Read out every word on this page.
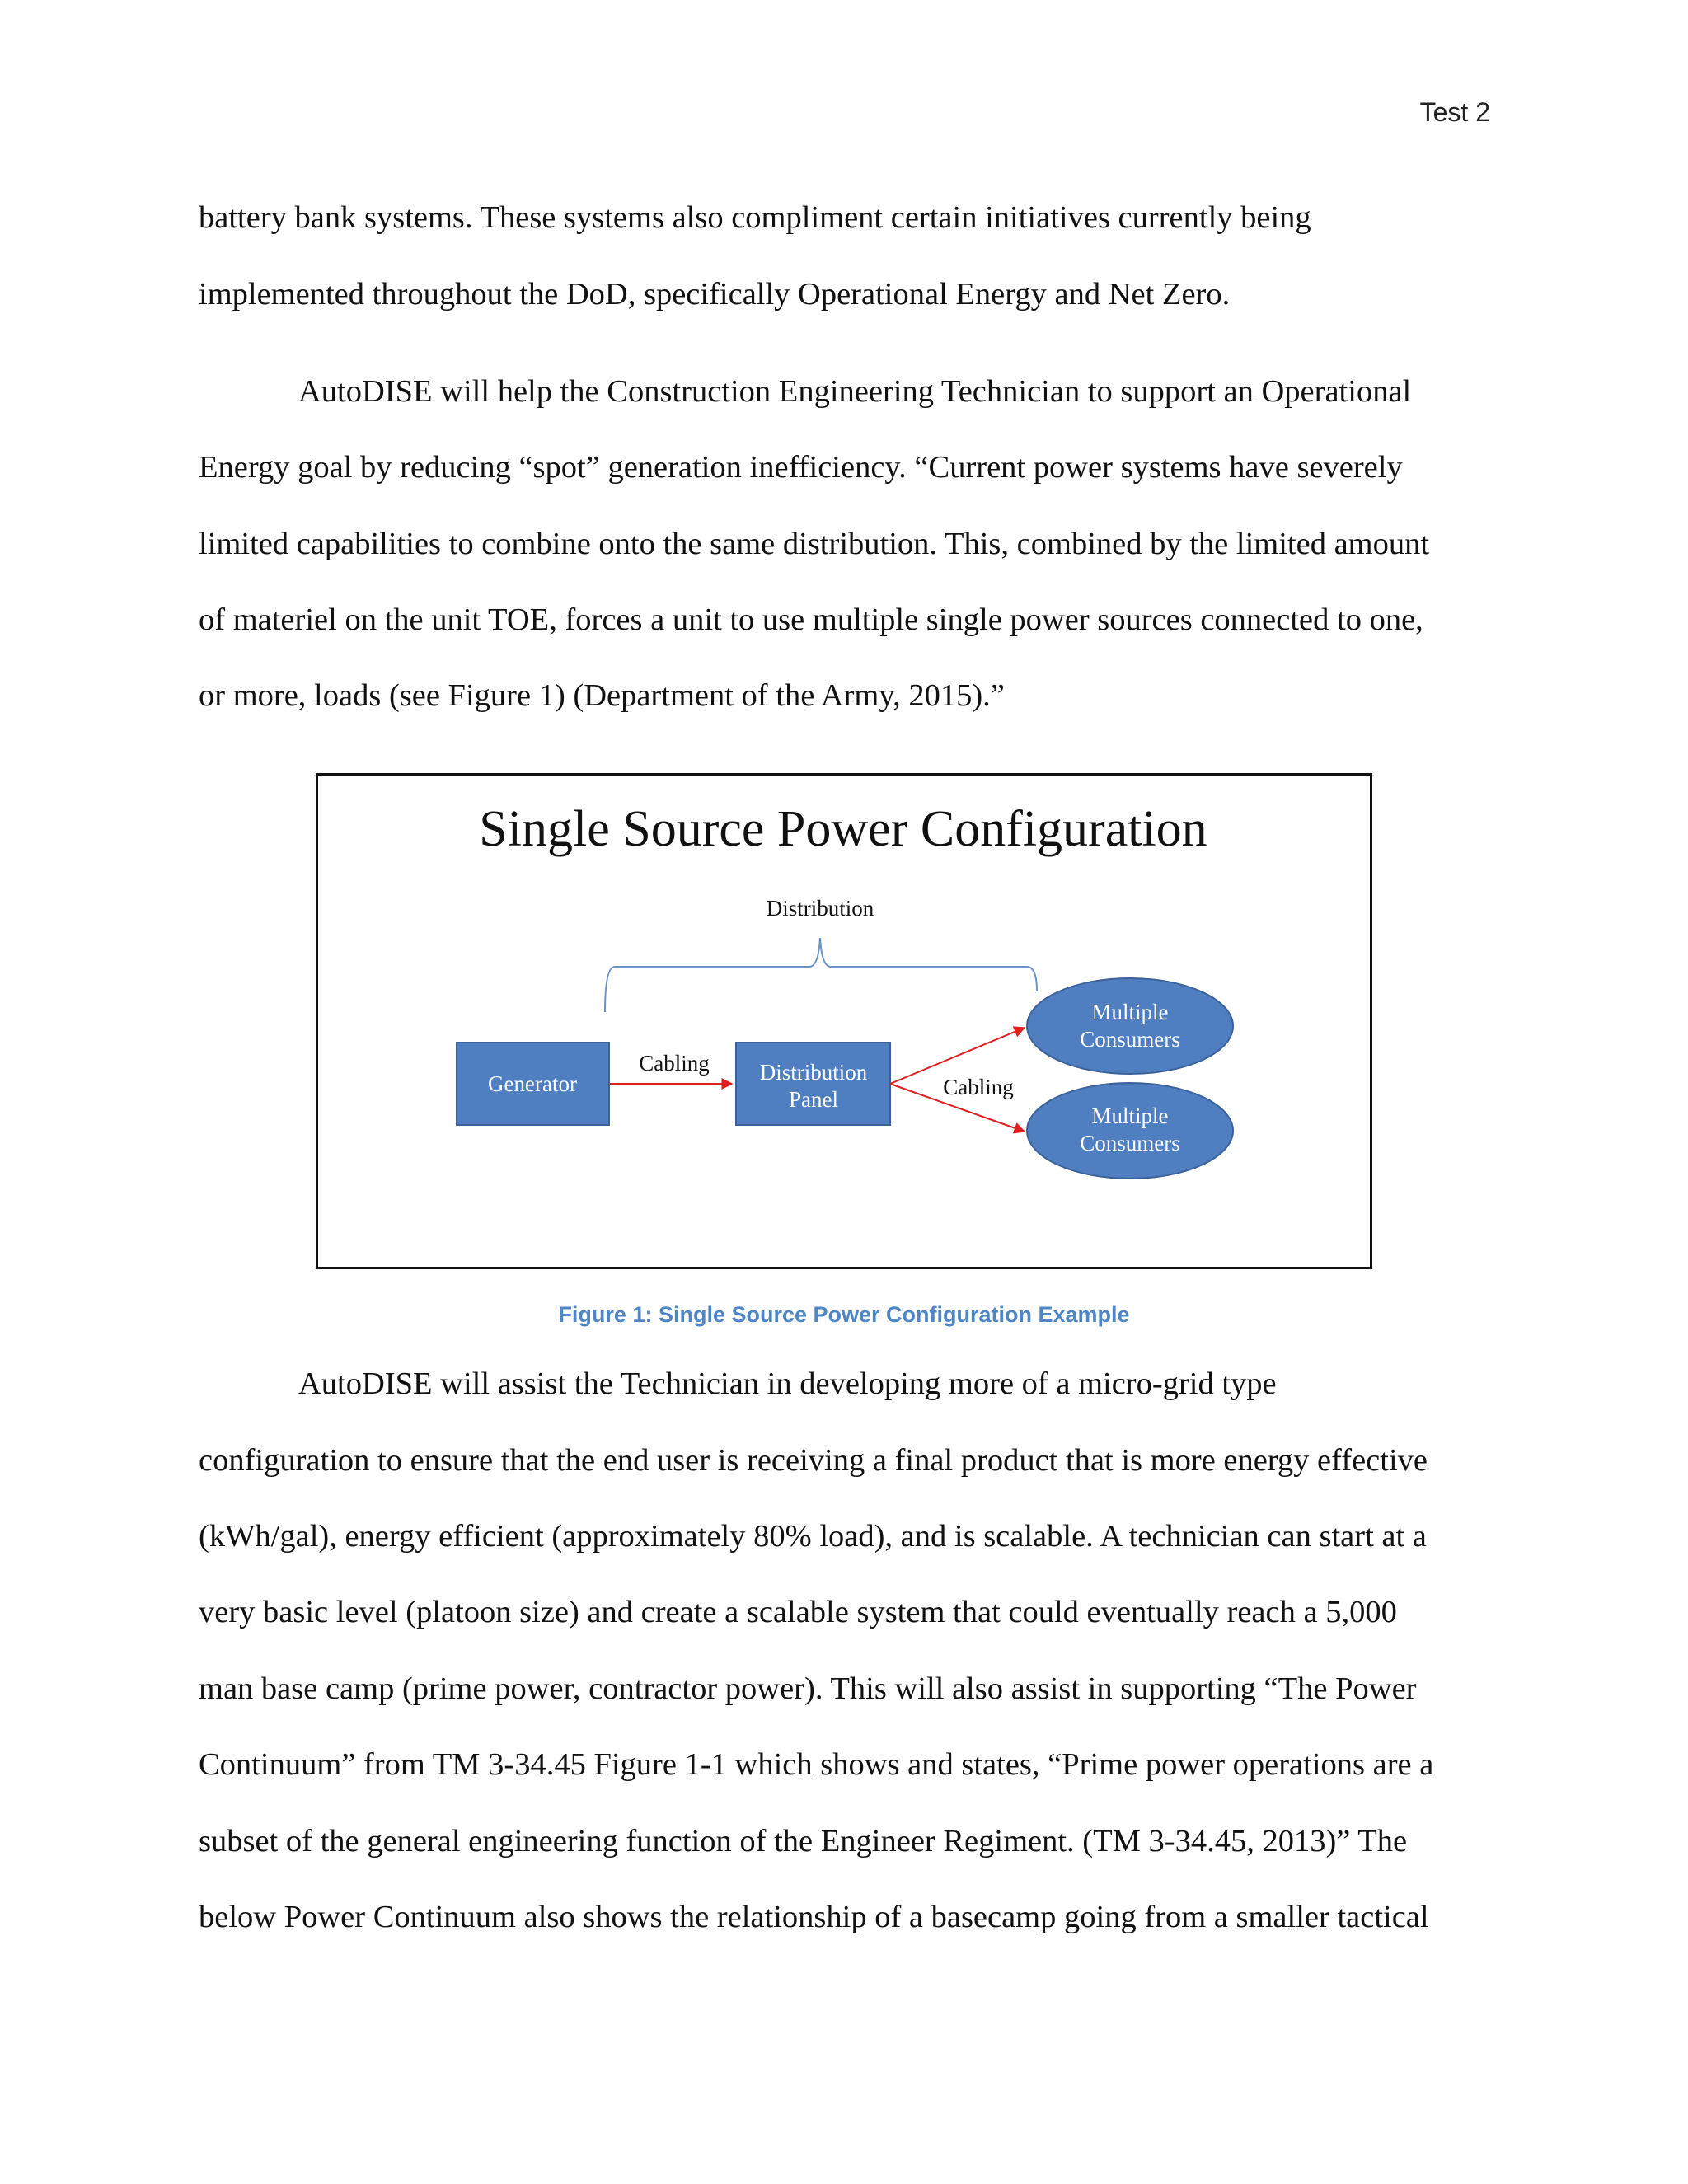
Test 2
battery bank systems. These systems also compliment certain initiatives currently being
implemented throughout the DoD, specifically Operational Energy and Net Zero.
AutoDISE will help the Construction Engineering Technician to support an Operational
Energy goal by reducing “spot” generation inefficiency. “Current power systems have severely
limited capabilities to combine onto the same distribution. This, combined by the limited amount
of materiel on the unit TOE, forces a unit to use multiple single power sources connected to one,
or more, loads (see Figure 1) (Department of the Army, 2015).”
Single Source Power Configuration
Distribution
Generator
Cabling Distribution
Panel	Cabling
Multiple
Consumers
Multiple
Consumers
Figure 1: Single Source Power Configuration Example
AutoDISE will assist the Technician in developing more of a micro-grid type
configuration to ensure that the end user is receiving a final product that is more energy effective
(kWh/gal), energy efficient (approximately 80% load), and is scalable. A technician can start at a
very basic level (platoon size) and create a scalable system that could eventually reach a 5,000
man base camp (prime power, contractor power). This will also assist in supporting “The Power
Continuum” from TM 3-34.45 Figure 1-1 which shows and states, “Prime power operations are a
subset of the general engineering function of the Engineer Regiment. (TM 3-34.45, 2013)” The
below Power Continuum also shows the relationship of a basecamp going from a smaller tactical
